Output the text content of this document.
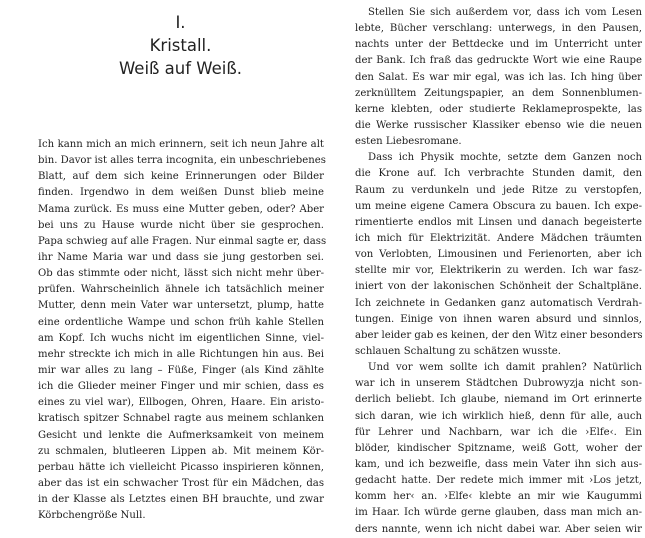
I.
Kristall.
Weiß auf Weiß.
Ich kann mich an mich erinnern, seit ich neun Jahre alt
bin. Davor ist alles terra incognita, ein unbeschriebenes
Blatt, auf dem sich keine Erinnerungen oder Bilder
finden. Irgendwo in dem weißen Dunst blieb meine
Mama zurück. Es muss eine Mutter geben, oder? Aber
bei uns zu Hause wurde nicht über sie gesprochen.
Papa schwieg auf alle Fragen. Nur einmal sagte er, dass
ihr Name Maria war und dass sie jung gestorben sei.
Ob das stimmte oder nicht, lässt sich nicht mehr über-
prüfen. Wahrscheinlich ähnele ich tatsächlich meiner
Mutter, denn mein Vater war untersetzt, plump, hatte
eine ordentliche Wampe und schon früh kahle Stellen
am Kopf. Ich wuchs nicht im eigentlichen Sinne, viel-
mehr streckte ich mich in alle Richtungen hin aus. Bei
mir war alles zu lang – Füße, Finger (als Kind zählte
ich die Glieder meiner Finger und mir schien, dass es
eines zu viel war), Ellbogen, Ohren, Haare. Ein aristo-
kratisch spitzer Schnabel ragte aus meinem schlanken
Gesicht und lenkte die Aufmerksamkeit von meinem
zu schmalen, blutleeren Lippen ab. Mit meinem Kör-
perbau hätte ich vielleicht Picasso inspirieren können,
aber das ist ein schwacher Trost für ein Mädchen, das
in der Klasse als Letztes einen BH brauchte, und zwar
Körbchengröße Null.
Stellen Sie sich außerdem vor, dass ich vom Lesen
lebte, Bücher verschlang: unterwegs, in den Pausen,
nachts unter der Bettdecke und im Unterricht unter
der Bank. Ich fraß das gedruckte Wort wie eine Raupe
den Salat. Es war mir egal, was ich las. Ich hing über
zerknülltem Zeitungspapier, an dem Sonnenblumen-
kerne klebten, oder studierte Reklameprospekte, las
die Werke russischer Klassiker ebenso wie die neuen
esten Liebesromane.
Dass ich Physik mochte, setzte dem Ganzen noch
die Krone auf. Ich verbrachte Stunden damit, den
Raum zu verdunkeln und jede Ritze zu verstopfen,
um meine eigene Camera Obscura zu bauen. Ich expe-
rimentierte endlos mit Linsen und danach begeisterte
ich mich für Elektrizität. Andere Mädchen träumten
von Verlobten, Limousinen und Ferienorten, aber ich
stellte mir vor, Elektrikerin zu werden. Ich war fasz-
iniert von der lakonischen Schönheit der Schaltpläne.
Ich zeichnete in Gedanken ganz automatisch Verdrah-
tungen. Einige von ihnen waren absurd und sinnlos,
aber leider gab es keinen, der den Witz einer besonders
schlauen Schaltung zu schätzen wusste.
Und vor wem sollte ich damit prahlen? Natürlich
war ich in unserem Städtchen Dubrowyzja nicht son-
derlich beliebt. Ich glaube, niemand im Ort erinnerte
sich daran, wie ich wirklich hieß, denn für alle, auch
für Lehrer und Nachbarn, war ich die ›Elfe‹. Ein
blöder, kindischer Spitzname, weiß Gott, woher der
kam, und ich bezweifle, dass mein Vater ihn sich aus-
gedacht hatte. Der redete mich immer mit ›Los jetzt,
komm her‹ an. ›Elfe‹ klebte an mir wie Kaugummi
im Haar. Ich würde gerne glauben, dass man mich an-
ders nannte, wenn ich nicht dabei war. Aber seien wir
